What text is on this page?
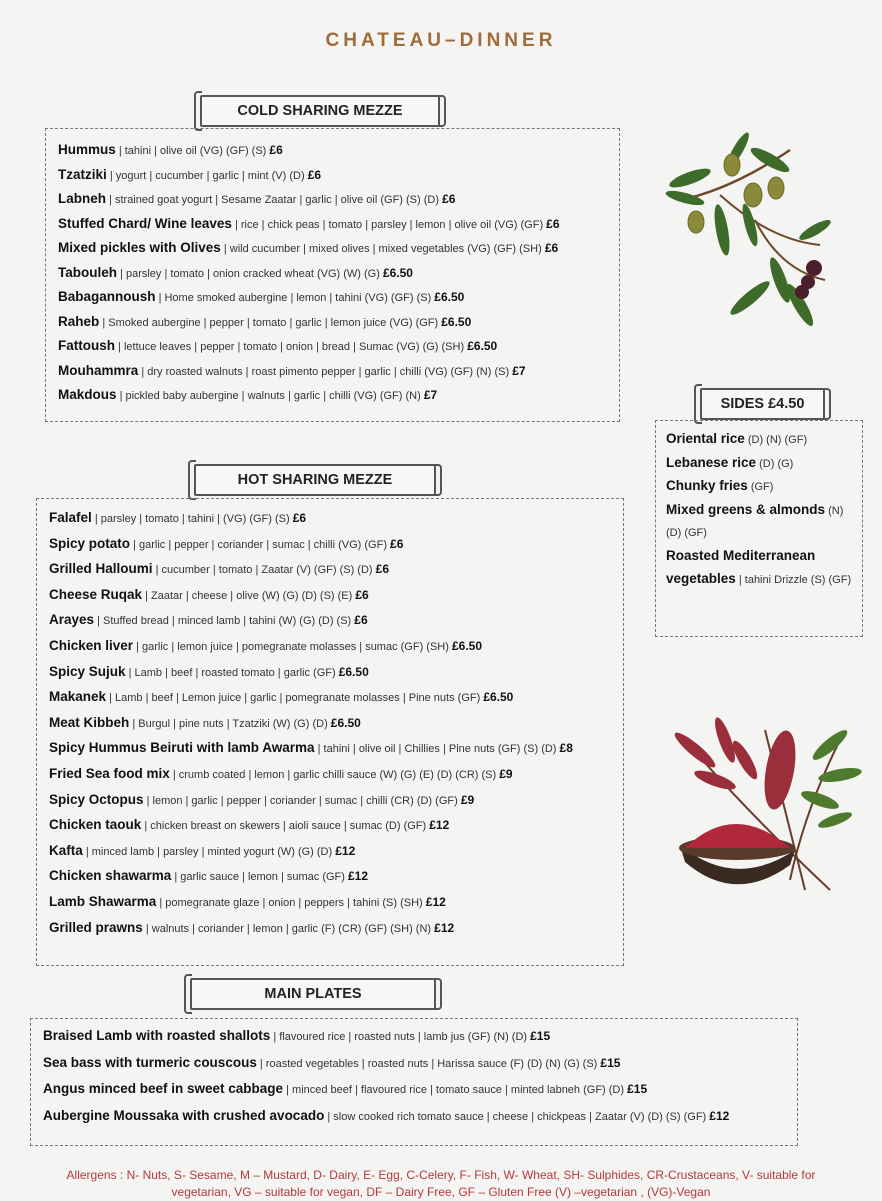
CHATEAU–DINNER
COLD SHARING MEZZE
Hummus | tahini | olive oil (VG) (GF) (S) £6
Tzatziki | yogurt | cucumber | garlic | mint (V) (D) £6
Labneh | strained goat yogurt | Sesame Zaatar | garlic | olive oil (GF) (S) (D) £6
Stuffed Chard/ Wine leaves | rice | chick peas | tomato | parsley | lemon | olive oil (VG) (GF) £6
Mixed pickles with Olives | wild cucumber | mixed olives | mixed vegetables (VG) (GF) (SH) £6
Tabouleh | parsley | tomato | onion cracked wheat (VG) (W) (G) £6.50
Babagannoush | Home smoked aubergine | lemon | tahini (VG) (GF) (S) £6.50
Raheb | Smoked aubergine | pepper | tomato | garlic | lemon juice (VG) (GF) £6.50
Fattoush | lettuce leaves | pepper | tomato | onion | bread | Sumac (VG) (G) (SH) £6.50
Mouhammra | dry roasted walnuts | roast pimento pepper | garlic | chilli (VG) (GF) (N) (S) £7
Makdous | pickled baby aubergine | walnuts | garlic | chilli (VG) (GF) (N) £7
SIDES £4.50
Oriental rice (D) (N) (GF)
Lebanese rice (D) (G)
Chunky fries (GF)
Mixed greens & almonds (N) (D) (GF)
Roasted Mediterranean vegetables | tahini Drizzle (S) (GF)
HOT SHARING MEZZE
Falafel | parsley | tomato | tahini | (VG) (GF) (S) £6
Spicy potato | garlic | pepper | coriander | sumac | chilli (VG) (GF) £6
Grilled Halloumi | cucumber | tomato | Zaatar (V) (GF) (S) (D) £6
Cheese Ruqak | Zaatar | cheese | olive (W) (G) (D) (S) (E) £6
Arayes | Stuffed bread | minced lamb | tahini (W) (G) (D) (S) £6
Chicken liver | garlic | lemon juice | pomegranate molasses | sumac (GF) (SH) £6.50
Spicy Sujuk | Lamb | beef | roasted tomato | garlic (GF) £6.50
Makanek | Lamb | beef | Lemon juice | garlic | pomegranate molasses | Pine nuts (GF) £6.50
Meat Kibbeh | Burgul | pine nuts | Tzatziki (W) (G) (D) £6.50
Spicy Hummus Beiruti with lamb Awarma | tahini | olive oil | Chillies | Pine nuts (GF) (S) (D) £8
Fried Sea food mix | crumb coated | lemon | garlic chilli sauce (W) (G) (E) (D) (CR) (S) £9
Spicy Octopus | lemon | garlic | pepper | coriander | sumac | chilli (CR) (D) (GF) £9
Chicken taouk | chicken breast on skewers | aioli sauce | sumac (D) (GF) £12
Kafta | minced lamb | parsley | minted yogurt (W) (G) (D) £12
Chicken shawarma | garlic sauce | lemon | sumac (GF) £12
Lamb Shawarma | pomegranate glaze | onion | peppers | tahini (S) (SH) £12
Grilled prawns | walnuts | coriander | lemon | garlic (F) (CR) (GF) (SH) (N) £12
MAIN PLATES
Braised Lamb with roasted shallots | flavoured rice | roasted nuts | lamb jus (GF) (N) (D) £15
Sea bass with turmeric couscous | roasted vegetables | roasted nuts | Harissa sauce (F) (D) (N) (G) (S) £15
Angus minced beef in sweet cabbage | minced beef | flavoured rice | tomato sauce | minted labneh (GF) (D) £15
Aubergine Moussaka with crushed avocado | slow cooked rich tomato sauce | cheese | chickpeas | Zaatar (V) (D) (S) (GF) £12
Allergens : N- Nuts, S- Sesame, M – Mustard, D- Dairy, E- Egg, C-Celery, F- Fish, W- Wheat, SH- Sulphides, CR-Crustaceans, V- suitable for
vegetarian, VG – suitable for vegan, DF – Dairy Free, GF – Gluten Free (V) –vegetarian , (VG)-Vegan
